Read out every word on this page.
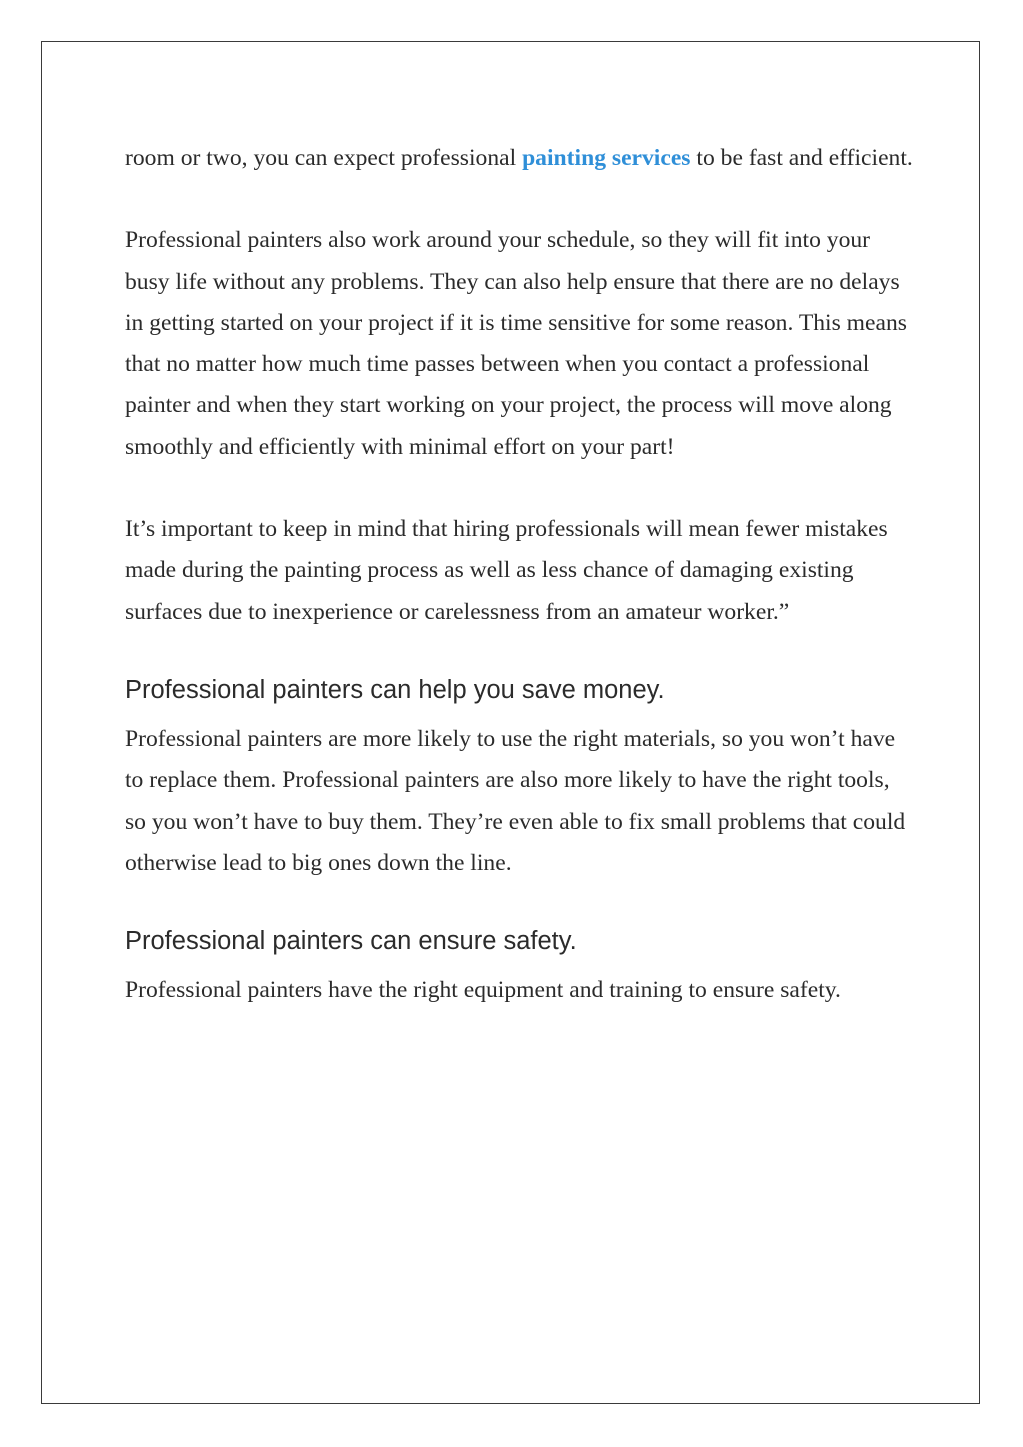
room or two, you can expect professional painting services to be fast and efficient.

Professional painters also work around your schedule, so they will fit into your busy life without any problems. They can also help ensure that there are no delays in getting started on your project if it is time sensitive for some reason. This means that no matter how much time passes between when you contact a professional painter and when they start working on your project, the process will move along smoothly and efficiently with minimal effort on your part!

It’s important to keep in mind that hiring professionals will mean fewer mistakes made during the painting process as well as less chance of damaging existing surfaces due to inexperience or carelessness from an amateur worker.”

Professional painters can help you save money.

Professional painters are more likely to use the right materials, so you won’t have to replace them. Professional painters are also more likely to have the right tools, so you won’t have to buy them. They’re even able to fix small problems that could otherwise lead to big ones down the line.

Professional painters can ensure safety.

Professional painters have the right equipment and training to ensure safety.
